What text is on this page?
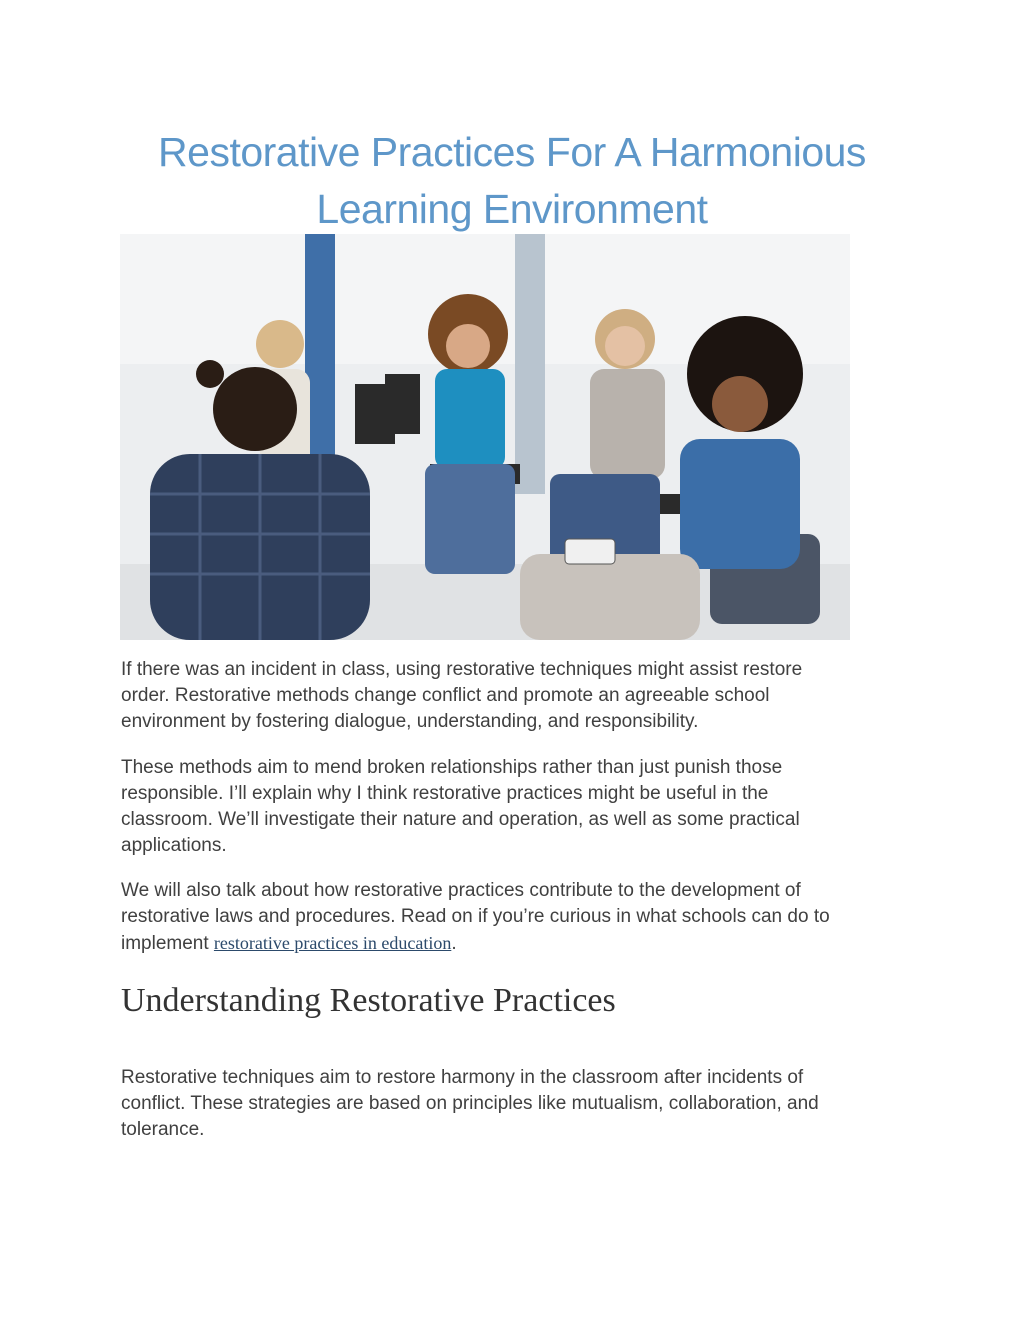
Restorative Practices For A Harmonious
Learning Environment

If there was an incident in class, using restorative techniques might assist restore
order. Restorative methods change conflict and promote an agreeable school
environment by fostering dialogue, understanding, and responsibility.

These methods aim to mend broken relationships rather than just punish those
responsible. I’ll explain why I think restorative practices might be useful in the
classroom. We’ll investigate their nature and operation, as well as some practical
applications.

We will also talk about how restorative practices contribute to the development of
restorative laws and procedures. Read on if you’re curious in what schools can do to
implement restorative practices in education.

Understanding Restorative Practices

Restorative techniques aim to restore harmony in the classroom after incidents of
conflict. These strategies are based on principles like mutualism, collaboration, and
tolerance.
